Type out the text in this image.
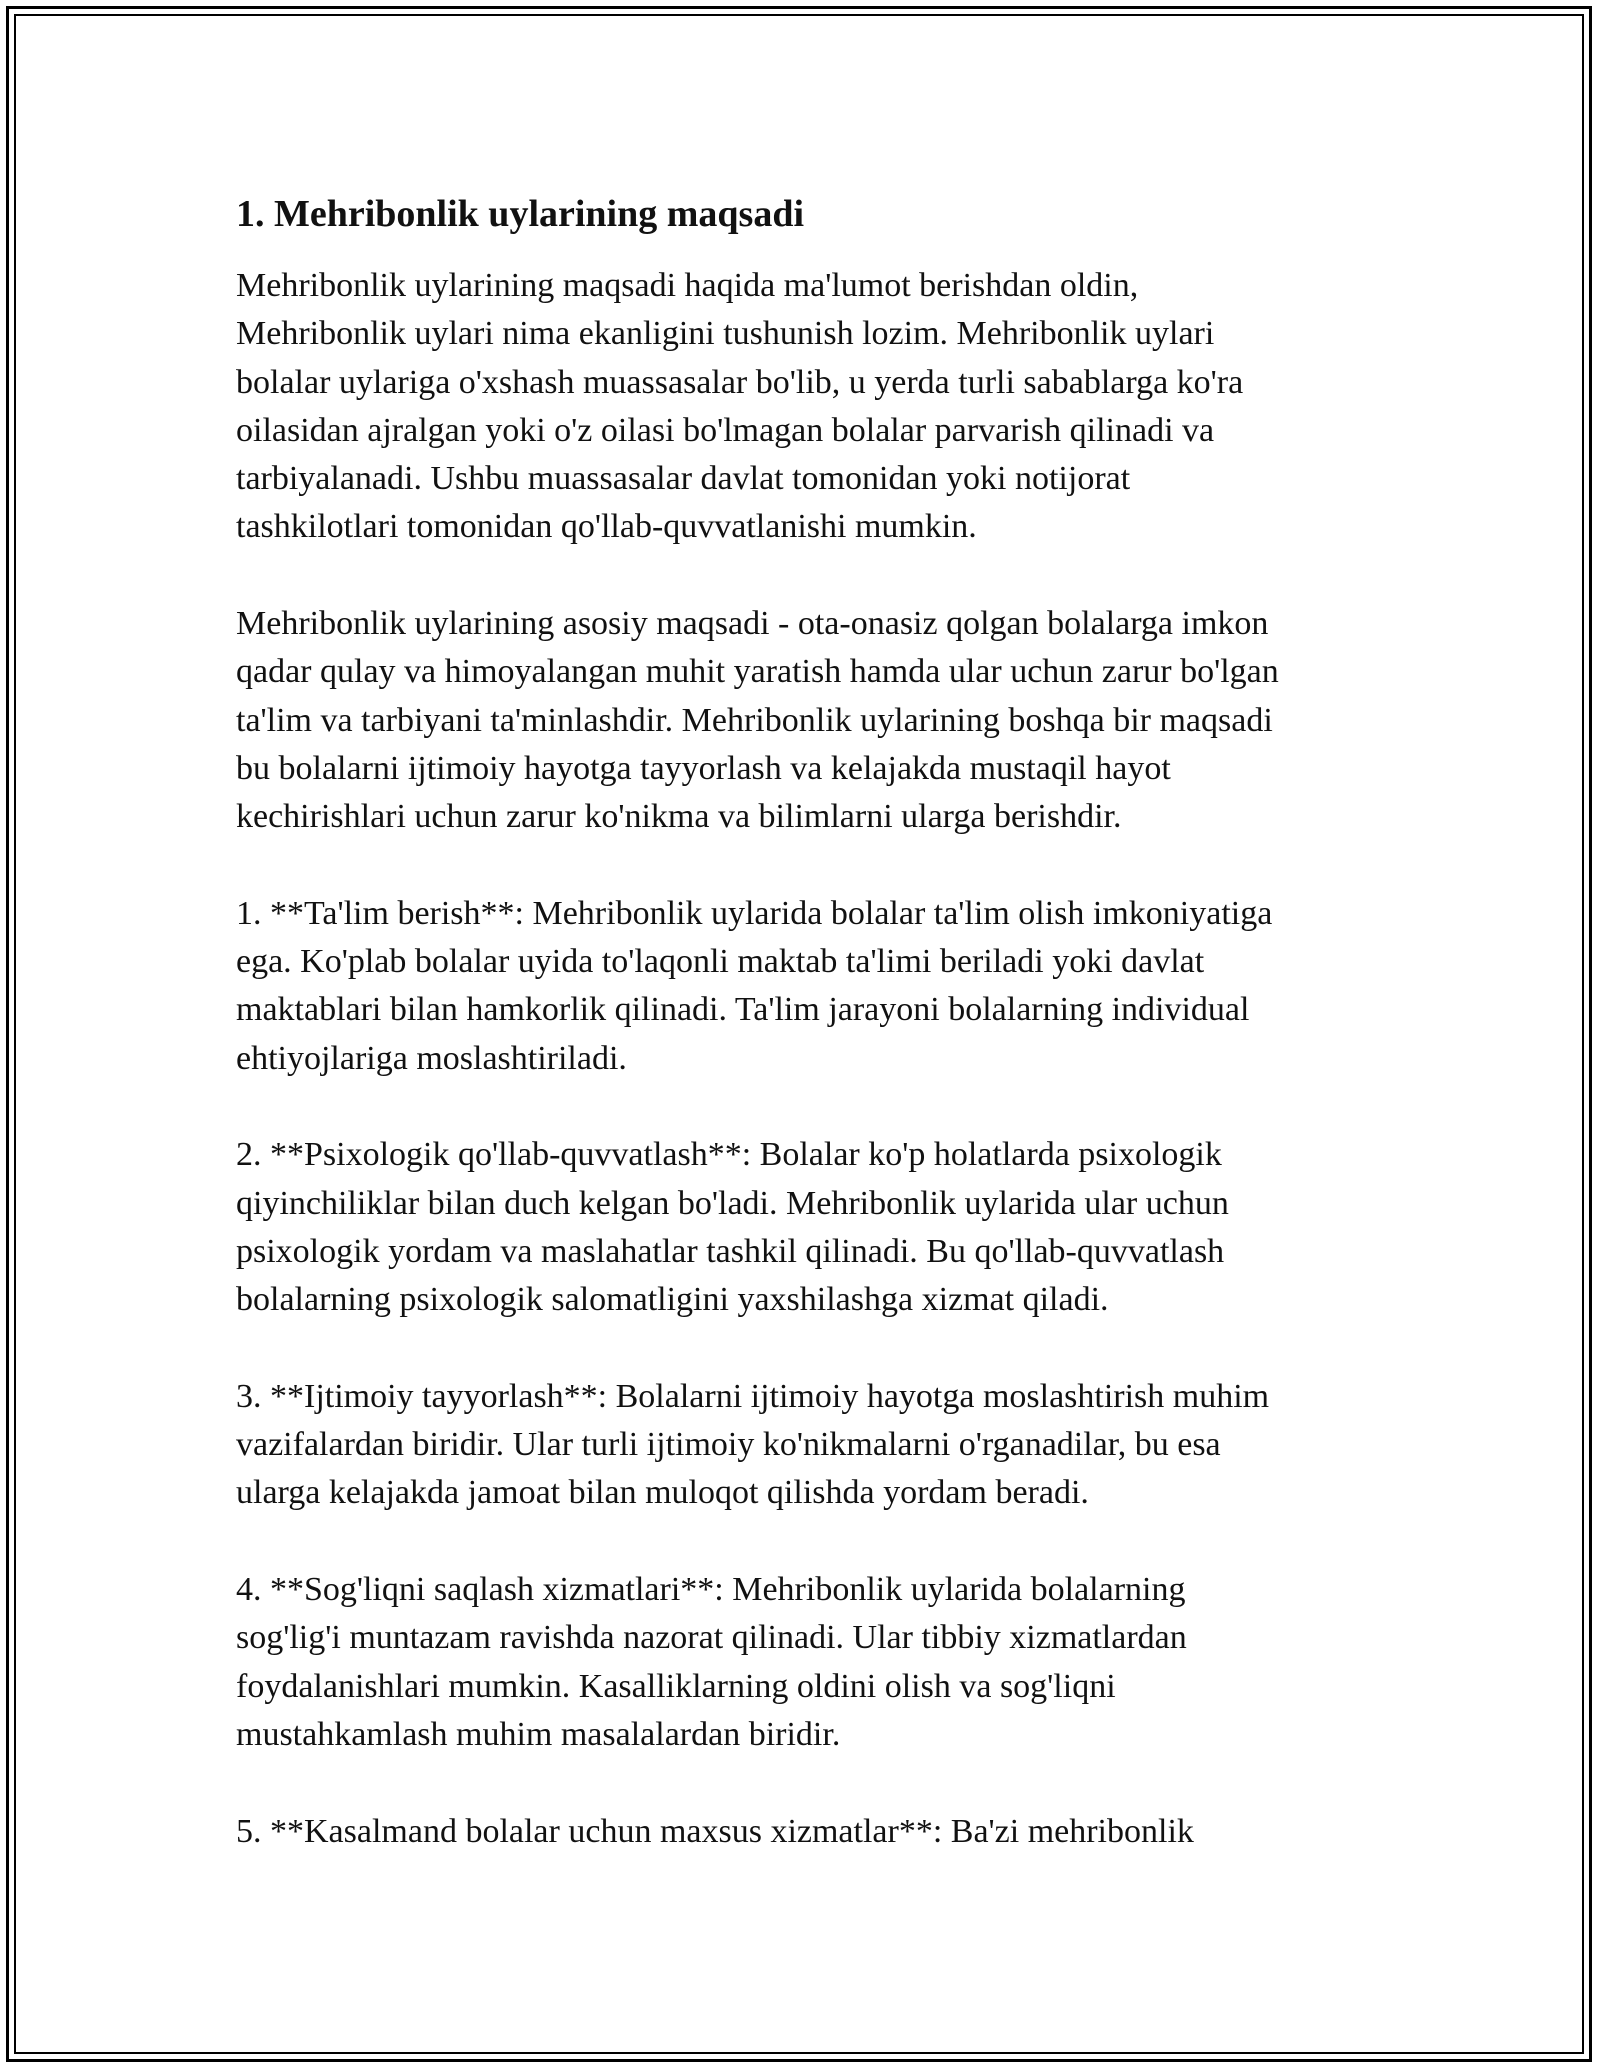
1. Mehribonlik uylarining maqsadi

Mehribonlik uylarining maqsadi haqida ma'lumot berishdan oldin,
Mehribonlik uylari nima ekanligini tushunish lozim. Mehribonlik uylari
bolalar uylariga o'xshash muassasalar bo'lib, u yerda turli sabablarga ko'ra
oilasidan ajralgan yoki o'z oilasi bo'lmagan bolalar parvarish qilinadi va
tarbiyalanadi. Ushbu muassasalar davlat tomonidan yoki notijorat
tashkilotlari tomonidan qo'llab-quvvatlanishi mumkin.

Mehribonlik uylarining asosiy maqsadi - ota-onasiz qolgan bolalarga imkon
qadar qulay va himoyalangan muhit yaratish hamda ular uchun zarur bo'lgan
ta'lim va tarbiyani ta'minlashdir. Mehribonlik uylarining boshqa bir maqsadi
bu bolalarni ijtimoiy hayotga tayyorlash va kelajakda mustaqil hayot
kechirishlari uchun zarur ko'nikma va bilimlarni ularga berishdir.

1. **Ta'lim berish**: Mehribonlik uylarida bolalar ta'lim olish imkoniyatiga
ega. Ko'plab bolalar uyida to'laqonli maktab ta'limi beriladi yoki davlat
maktablari bilan hamkorlik qilinadi. Ta'lim jarayoni bolalarning individual
ehtiyojlariga moslashtiriladi.

2. **Psixologik qo'llab-quvvatlash**: Bolalar ko'p holatlarda psixologik
qiyinchiliklar bilan duch kelgan bo'ladi. Mehribonlik uylarida ular uchun
psixologik yordam va maslahatlar tashkil qilinadi. Bu qo'llab-quvvatlash
bolalarning psixologik salomatligini yaxshilashga xizmat qiladi.

3. **Ijtimoiy tayyorlash**: Bolalarni ijtimoiy hayotga moslashtirish muhim
vazifalardan biridir. Ular turli ijtimoiy ko'nikmalarni o'rganadilar, bu esa
ularga kelajakda jamoat bilan muloqot qilishda yordam beradi.

4. **Sog'liqni saqlash xizmatlari**: Mehribonlik uylarida bolalarning
sog'lig'i muntazam ravishda nazorat qilinadi. Ular tibbiy xizmatlardan
foydalanishlari mumkin. Kasalliklarning oldini olish va sog'liqni
mustahkamlash muhim masalalardan biridir.

5. **Kasalmand bolalar uchun maxsus xizmatlar**: Ba'zi mehribonlik
